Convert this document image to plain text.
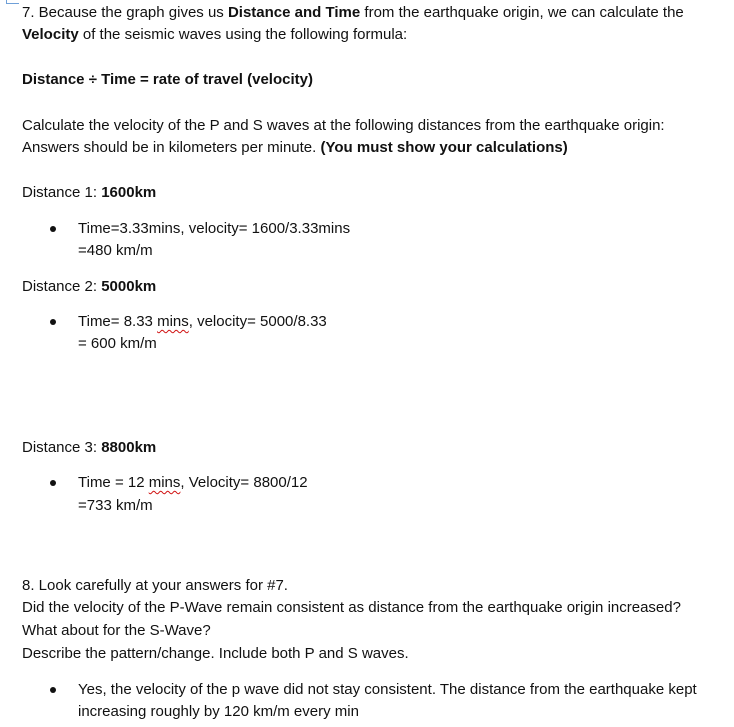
7. Because the graph gives us Distance and Time from the earthquake origin, we can calculate the
Velocity of the seismic waves using the following formula:
Distance ÷ Time = rate of travel (velocity)
Calculate the velocity of the P and S waves at the following distances from the earthquake origin:
Answers should be in kilometers per minute. (You must show your calculations)
Distance 1: 1600km
Time=3.33mins, velocity= 1600/3.33mins
=480 km/m
Distance 2: 5000km
Time= 8.33 mins, velocity= 5000/8.33
= 600 km/m
Distance 3: 8800km
Time = 12 mins, Velocity= 8800/12
=733 km/m
8. Look carefully at your answers for #7.
Did the velocity of the P-Wave remain consistent as distance from the earthquake origin increased?
What about for the S-Wave?
Describe the pattern/change. Include both P and S waves.
Yes, the velocity of the p wave did not stay consistent. The distance from the earthquake kept
increasing roughly by 120 km/m every min
